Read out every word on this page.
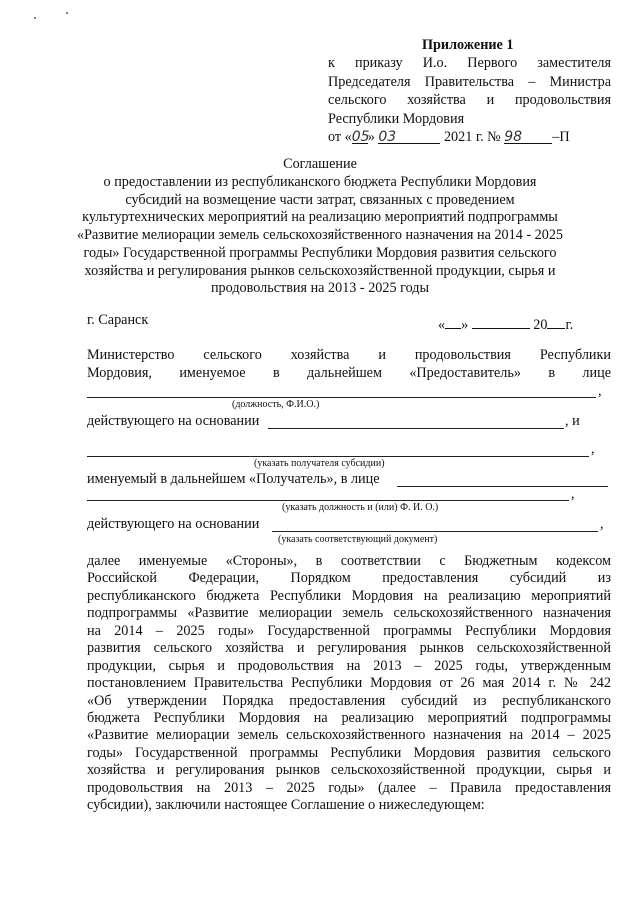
Приложение 1
к приказу И.о. Первого заместителя
Председателя Правительства – Министра
сельского хозяйства и продовольствия
Республики Мордовия
от «05» 03	2021 г. № 98 –П
Соглашение
о предоставлении из республиканского бюджета Республики Мордовия
субсидий на возмещение части затрат, связанных с проведением
культуртехнических мероприятий на реализацию мероприятий подпрограммы
«Развитие мелиорации земель сельскохозяйственного назначения на 2014 - 2025
годы» Государственной программы Республики Мордовия развития сельского
хозяйства и регулирования рынков сельскохозяйственной продукции, сырья и
продовольствия на 2013 - 2025 годы
г. Саранск	« »	20 г.
Министерство сельского хозяйства и продовольствия Республики
Мордовия, именуемое в дальнейшем «Предоставитель» в лице
,
(должность, Ф.И.О.)
действующего на основании	, и
,
(указать получателя субсидии)
именуемый в дальнейшем «Получатель», в лице
,
(указать должность и (или) Ф. И. О.)
действующего на основании	,
(указать соответствующий документ)
далее именуемые «Стороны», в соответствии с Бюджетным кодексом
Российской Федерации, Порядком предоставления субсидий из
республиканского бюджета Республики Мордовия на реализацию мероприятий
подпрограммы «Развитие мелиорации земель сельскохозяйственного назначения
на 2014 – 2025 годы» Государственной программы Республики Мордовия
развития сельского хозяйства и регулирования рынков сельскохозяйственной
продукции, сырья и продовольствия на 2013 – 2025 годы, утвержденным
постановлением Правительства Республики Мордовия от 26 мая 2014 г. № 242
«Об утверждении Порядка предоставления субсидий из республиканского
бюджета Республики Мордовия на реализацию мероприятий подпрограммы
«Развитие мелиорации земель сельскохозяйственного назначения на 2014 – 2025
годы» Государственной программы Республики Мордовия развития сельского
хозяйства и регулирования рынков сельскохозяйственной продукции, сырья и
продовольствия на 2013 – 2025 годы» (далее – Правила предоставления
субсидии), заключили настоящее Соглашение о нижеследующем:
